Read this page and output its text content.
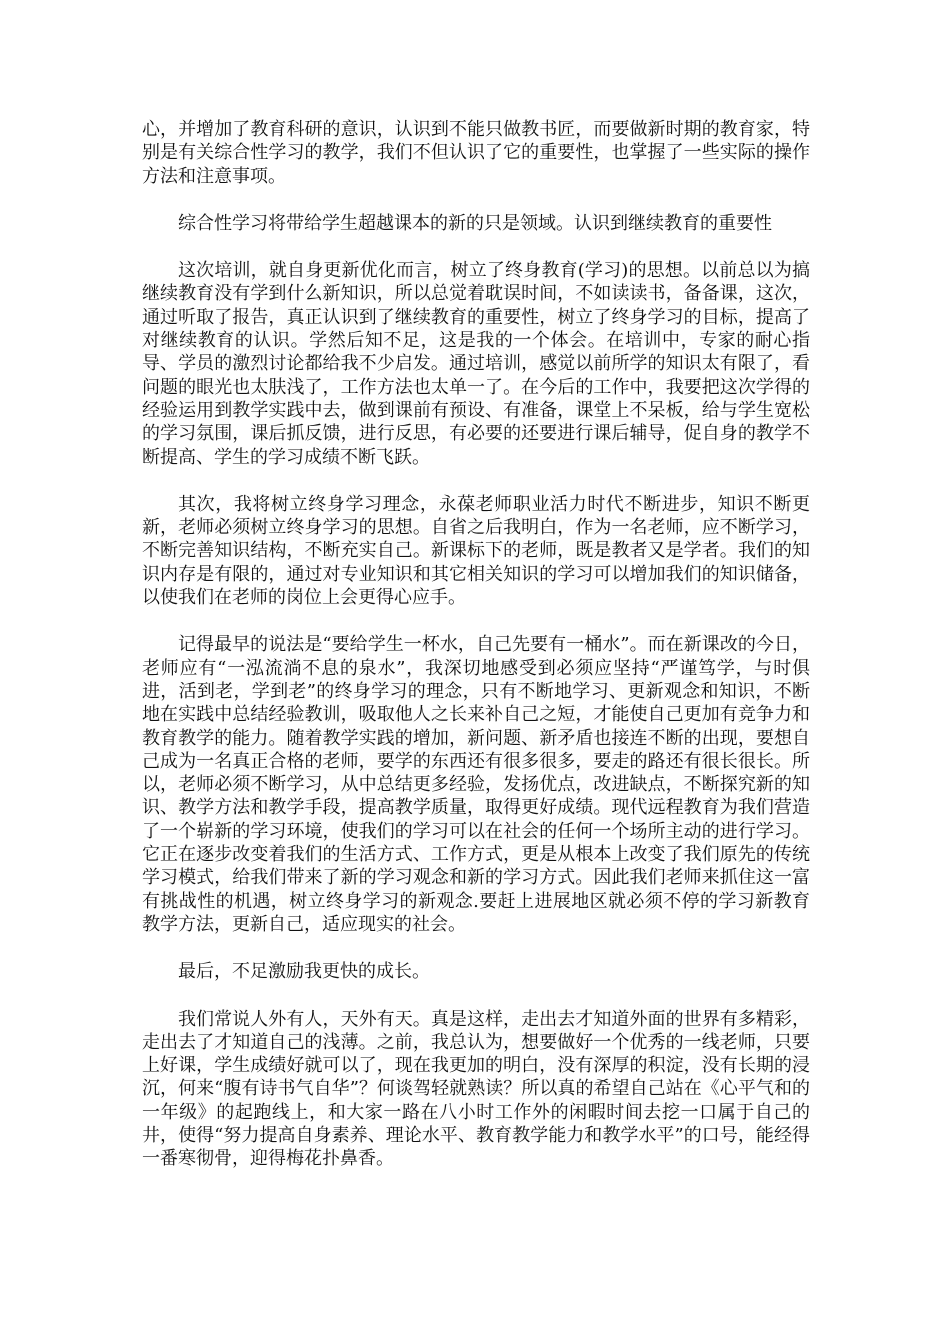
心，并增加了教育科研的意识，认识到不能只做教书匠，而要做新时期的教育家，特别是有关综合性学习的教学，我们不但认识了它的重要性，也掌握了一些实际的操作方法和注意事项。

综合性学习将带给学生超越课本的新的只是领域。认识到继续教育的重要性

这次培训，就自身更新优化而言，树立了终身教育(学习)的思想。以前总以为搞继续教育没有学到什么新知识，所以总觉着耽误时间，不如读读书，备备课，这次，通过听取了报告，真正认识到了继续教育的重要性，树立了终身学习的目标，提高了对继续教育的认识。学然后知不足，这是我的一个体会。在培训中，专家的耐心指导、学员的激烈讨论都给我不少启发。通过培训，感觉以前所学的知识太有限了，看问题的眼光也太肤浅了，工作方法也太单一了。在今后的工作中，我要把这次学得的经验运用到教学实践中去，做到课前有预设、有准备，课堂上不呆板，给与学生宽松的学习氛围，课后抓反馈，进行反思，有必要的还要进行课后辅导，促自身的教学不断提高、学生的学习成绩不断飞跃。

其次，我将树立终身学习理念，永葆老师职业活力时代不断进步，知识不断更新，老师必须树立终身学习的思想。自省之后我明白，作为一名老师，应不断学习，不断完善知识结构，不断充实自己。新课标下的老师，既是教者又是学者。我们的知识内存是有限的，通过对专业知识和其它相关知识的学习可以增加我们的知识储备，以使我们在老师的岗位上会更得心应手。

记得最早的说法是“要给学生一杯水，自己先要有一桶水”。而在新课改的今日，老师应有“一泓流淌不息的泉水”，我深切地感受到必须应坚持“严谨笃学，与时俱进，活到老，学到老”的终身学习的理念，只有不断地学习、更新观念和知识，不断地在实践中总结经验教训，吸取他人之长来补自己之短，才能使自己更加有竞争力和教育教学的能力。随着教学实践的增加，新问题、新矛盾也接连不断的出现，要想自己成为一名真正合格的老师，要学的东西还有很多很多，要走的路还有很长很长。所以，老师必须不断学习，从中总结更多经验，发扬优点，改进缺点，不断探究新的知识、教学方法和教学手段，提高教学质量，取得更好成绩。现代远程教育为我们营造了一个崭新的学习环境，使我们的学习可以在社会的任何一个场所主动的进行学习。它正在逐步改变着我们的生活方式、工作方式，更是从根本上改变了我们原先的传统学习模式，给我们带来了新的学习观念和新的学习方式。因此我们老师来抓住这一富有挑战性的机遇，树立终身学习的新观念.要赶上进展地区就必须不停的学习新教育教学方法，更新自己，适应现实的社会。

最后，不足激励我更快的成长。

我们常说人外有人，天外有天。真是这样，走出去才知道外面的世界有多精彩，走出去了才知道自己的浅薄。之前，我总认为，想要做好一个优秀的一线老师，只要上好课，学生成绩好就可以了，现在我更加的明白，没有深厚的积淀，没有长期的浸沉，何来“腹有诗书气自华”？何谈驾轻就熟读？所以真的希望自己站在《心平气和的一年级》的起跑线上，和大家一路在八小时工作外的闲暇时间去挖一口属于自己的井，使得“努力提高自身素养、理论水平、教育教学能力和教学水平”的口号，能经得一番寒彻骨，迎得梅花扑鼻香。
